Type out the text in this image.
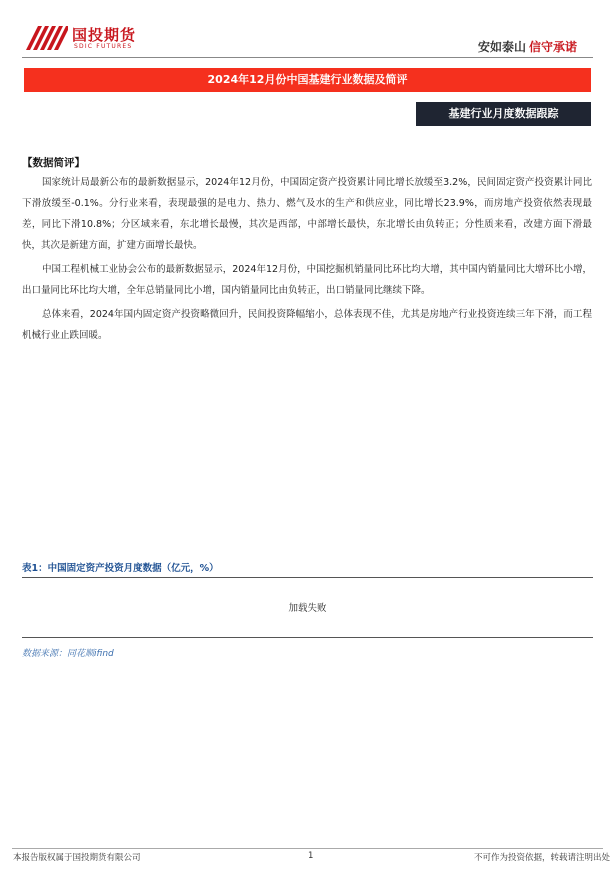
国投期货
SDIC FUTURES	安如泰山 信守承诺
2024年12月份中国基建行业数据及简评
基建行业月度数据跟踪
【数据简评】

国家统计局最新公布的最新数据显示，2024年12月份，中国固定资产投资累计同比增长放缓至3.2%，民间固定资产投资累计同比下滑放缓至-0.1%。分行业来看，表现最强的是电力、热力、燃气及水的生产和供应业，同比增长23.9%，而房地产投资依然表现最差，同比下滑10.8%；分区域来看，东北增长最慢，其次是西部，中部增长最快，东北增长由负转正；分性质来看，改建方面下滑最快，其次是新建方面，扩建方面增长最快。

中国工程机械工业协会公布的最新数据显示，2024年12月份，中国挖掘机销量同比环比均大增，其中国内销量同比大增环比小增，出口量同比环比均大增，全年总销量同比小增，国内销量同比由负转正，出口销量同比继续下降。

总体来看，2024年国内固定资产投资略微回升，民间投资降幅缩小，总体表现不佳，尤其是房地产行业投资连续三年下滑，而工程机械行业止跌回暖。

表1：中国固定资产投资月度数据（亿元，%）
加载失败
数据来源：同花顺ifind
本报告版权属于国投期货有限公司	1	不可作为投资依据，转载请注明出处
